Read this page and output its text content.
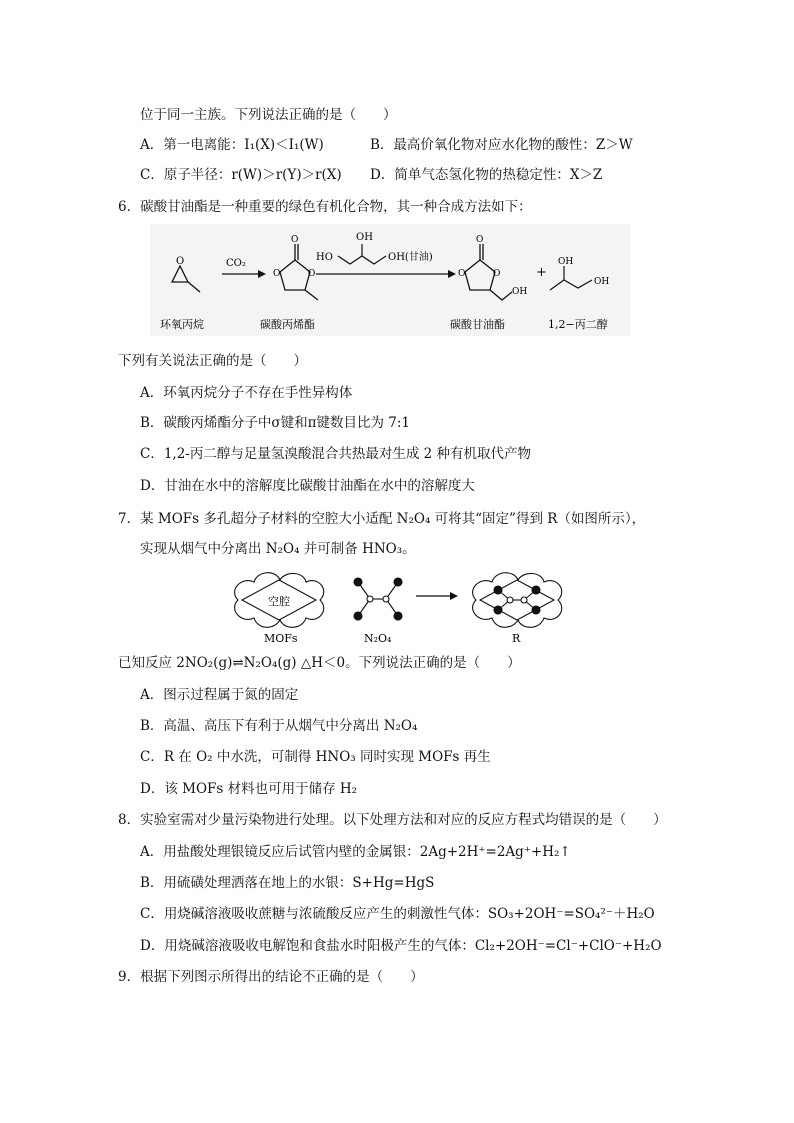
位于同一主族。下列说法正确的是（　　）
A．第一电离能：I₁(X)＜I₁(W)	B．最高价氧化物对应水化物的酸性：Z＞W
C．原子半径：r(W)＞r(Y)＞r(X) D．简单气态氢化物的热稳定性：X＞Z
6．碳酸甘油酯是一种重要的绿色有机化合物，其一种合成方法如下：
O	CO₂
O
O	O
HO
OH
OH(甘油)
O
O	O
OH
+
OH
OH
环氧丙烷	碳酸丙烯酯	碳酸甘油酯	1,2−丙二醇
下列有关说法正确的是（　　）
A．环氧丙烷分子不存在手性异构体
B．碳酸丙烯酯分子中σ键和π键数目比为 7:1
C．1,2-丙二醇与足量氢溴酸混合共热最对生成 2 种有机取代产物
D．甘油在水中的溶解度比碳酸甘油酯在水中的溶解度大
7．某 MOFs 多孔超分子材料的空腔大小适配 N₂O₄ 可将其“固定”得到 R（如图所示），
实现从烟气中分离出 N₂O₄ 并可制备 HNO₃。
空腔
MOFs	N₂O₄	R
已知反应 2NO₂(g)⇌N₂O₄(g) △H＜0。下列说法正确的是（　　）
A．图示过程属于氮的固定
B．高温、高压下有利于从烟气中分离出 N₂O₄
C．R 在 O₂ 中水洗，可制得 HNO₃ 同时实现 MOFs 再生
D．该 MOFs 材料也可用于储存 H₂
8．实验室需对少量污染物进行处理。以下处理方法和对应的反应方程式均错误的是（　　）
A．用盐酸处理银镜反应后试管内壁的金属银：2Ag+2H⁺=2Ag⁺+H₂↑
B．用硫磺处理洒落在地上的水银：S+Hg=HgS
C．用烧碱溶液吸收蔗糖与浓硫酸反应产生的刺激性气体：SO₃+2OH⁻=SO₄²⁻＋H₂O
D．用烧碱溶液吸收电解饱和食盐水时阳极产生的气体：Cl₂+2OH⁻=Cl⁻+ClO⁻+H₂O
9．根据下列图示所得出的结论不正确的是（　　）
